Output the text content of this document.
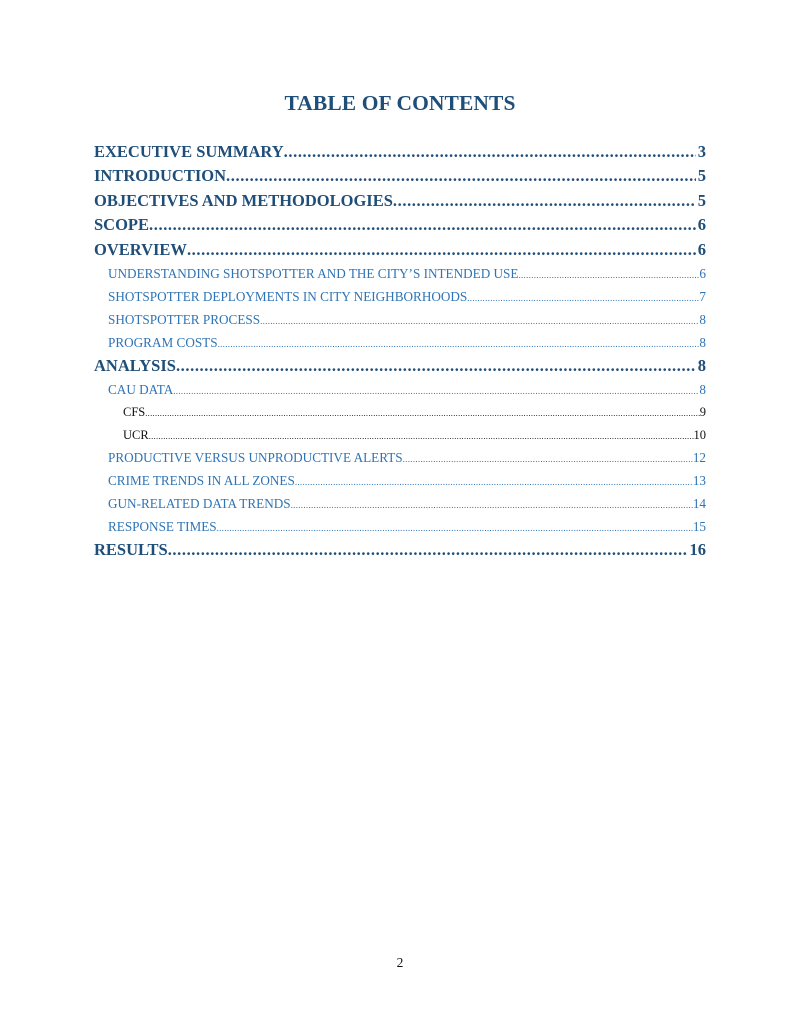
TABLE OF CONTENTS
EXECUTIVE SUMMARY .....	3
INTRODUCTION .....	5
OBJECTIVES AND METHODOLOGIES .....	5
SCOPE .....	6
OVERVIEW .....	6
UNDERSTANDING SHOTSPOTTER AND THE CITY’S INTENDED USE .....	6
SHOTSPOTTER DEPLOYMENTS IN CITY NEIGHBORHOODS .....	7
SHOTSPOTTER PROCESS .....	8
PROGRAM COSTS .....	8
ANALYSIS .....	8
CAU DATA .....	8
CFS .....	9
UCR .....	10
PRODUCTIVE VERSUS UNPRODUCTIVE ALERTS .....	12
CRIME TRENDS IN ALL ZONES .....	13
GUN-RELATED DATA TRENDS .....	14
RESPONSE TIMES .....	15
RESULTS .....	16
2
